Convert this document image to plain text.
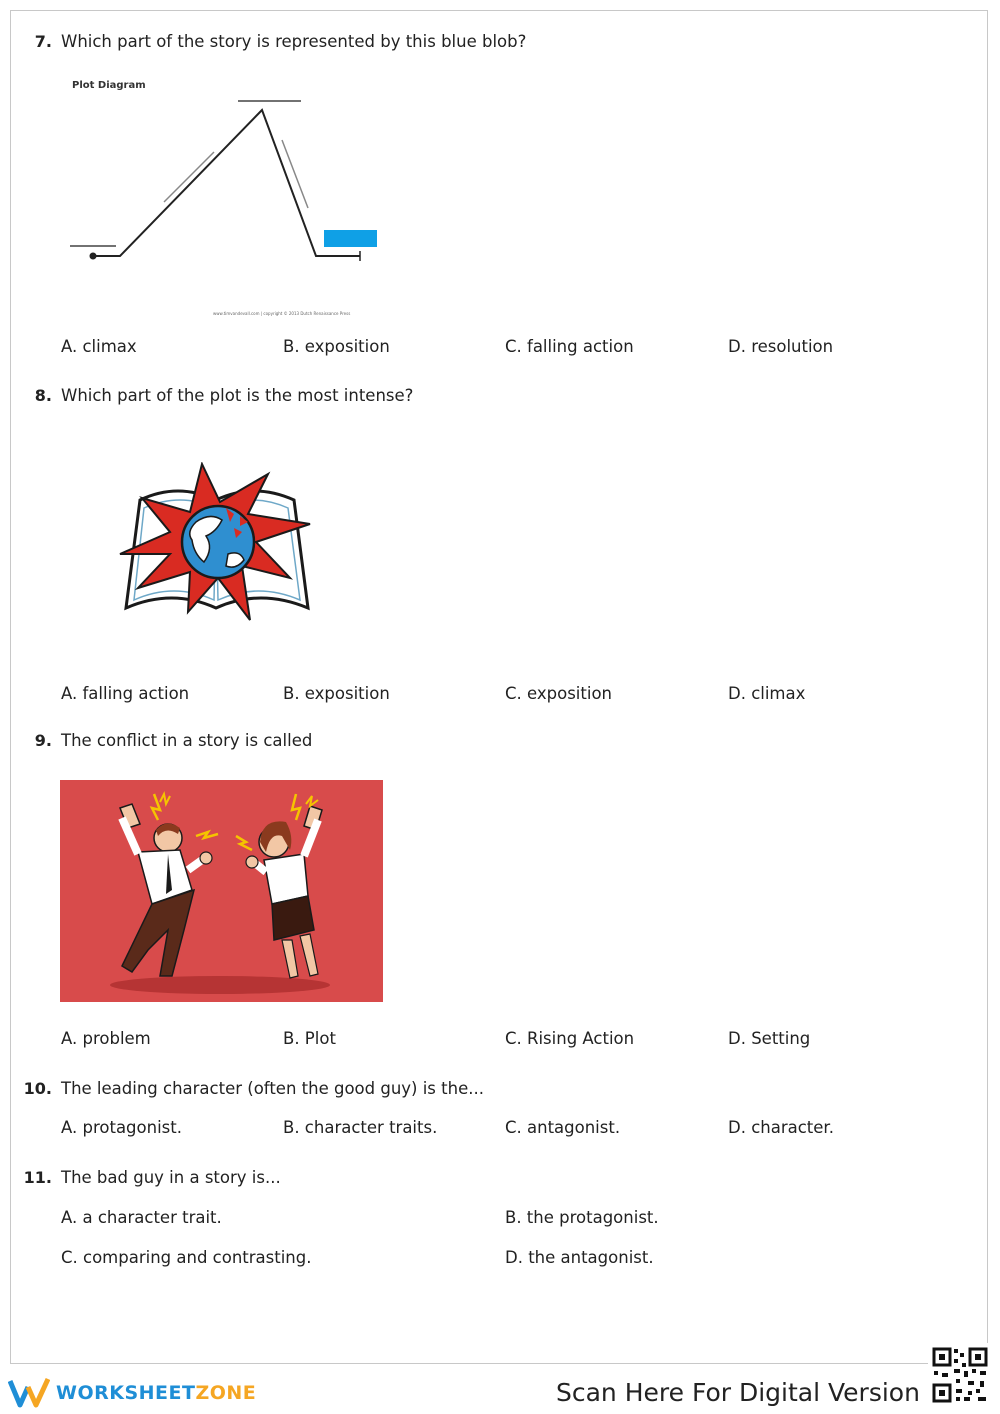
7. Which part of the story is represented by this blue blob?
Plot Diagram
www.timvandevall.com | copyright © 2013 Dutch Renaissance Press
A. climax	B. exposition	C. falling action	D. resolution
8. Which part of the plot is the most intense?
A. falling action	B. exposition	C. exposition	D. climax
9. The conflict in a story is called
A. problem	B. Plot	C. Rising Action	D. Setting
10. The leading character (often the good guy) is the...
A. protagonist.	B. character traits.	C. antagonist.	D. character.
11. The bad guy in a story is...
A. a character trait.	B. the protagonist.
C. comparing and contrasting.	D. the antagonist.
WORKSHEET ZONE	Scan Here For Digital Version
